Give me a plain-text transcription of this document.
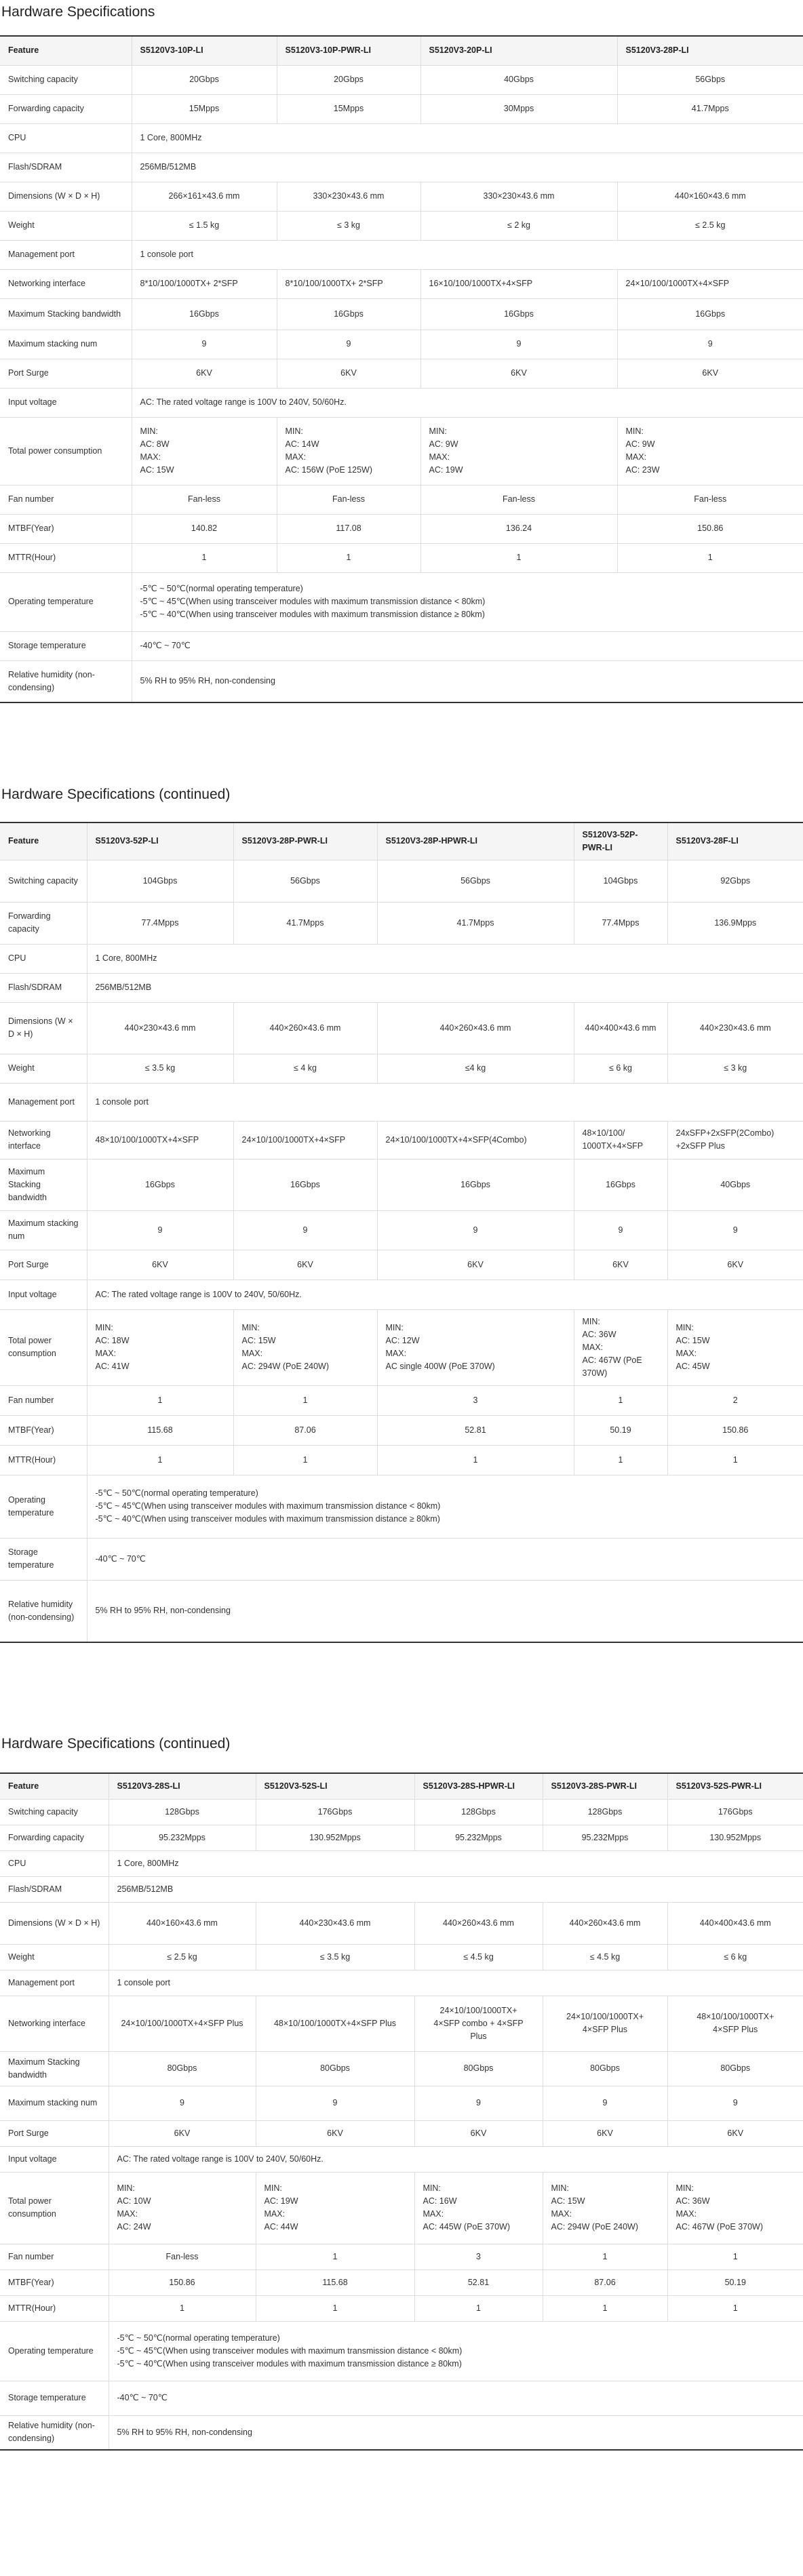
Hardware Specifications
Feature	S5120V3-10P-LI	S5120V3-10P-PWR-LI	S5120V3-20P-LI	S5120V3-28P-LI
Switching capacity	20Gbps	20Gbps	40Gbps	56Gbps
Forwarding capacity	15Mpps	15Mpps	30Mpps	41.7Mpps
CPU	1 Core, 800MHz			
Flash/SDRAM	256MB/512MB			
Dimensions (W × D × H)	266×161×43.6 mm	330×230×43.6 mm	330×230×43.6 mm	440×160×43.6 mm
Weight	≤ 1.5 kg	≤ 3 kg	≤ 2 kg	≤ 2.5 kg
Management port	1 console port			
Networking interface	8*10/100/1000TX+ 2*SFP	8*10/100/1000TX+ 2*SFP	16×10/100/1000TX+4×SFP	24×10/100/1000TX+4×SFP
Maximum Stacking bandwidth	16Gbps	16Gbps	16Gbps	16Gbps
Maximum stacking num	9	9	9	9
Port Surge	6KV	6KV	6KV	6KV
Input voltage	AC: The rated voltage range is 100V to 240V, 50/60Hz.			
Total power consumption	MIN:
AC: 8W
MAX:
AC: 15W	MIN:
AC: 14W
MAX:
AC: 156W (PoE 125W)	MIN:
AC: 9W
MAX:
AC: 19W	MIN:
AC: 9W
MAX:
AC: 23W
Fan number	Fan-less	Fan-less	Fan-less	Fan-less
MTBF(Year)	140.82	117.08	136.24	150.86
MTTR(Hour)	1	1	1	1
Operating temperature	-5℃ ~ 50℃(normal operating temperature)
-5℃ ~ 45℃(When using transceiver modules with maximum transmission distance < 80km)
-5℃ ~ 40℃(When using transceiver modules with maximum transmission distance ≥ 80km)			
Storage temperature	-40℃ ~ 70℃			
Relative humidity (non-condensing)	5% RH to 95% RH, non-condensing			
Hardware Specifications (continued)
Feature	S5120V3-52P-LI	S5120V3-28P-PWR-LI	S5120V3-28P-HPWR-LI	S5120V3-52P-PWR-LI	S5120V3-28F-LI
Switching capacity	104Gbps	56Gbps	56Gbps	104Gbps	92Gbps
Forwarding capacity	77.4Mpps	41.7Mpps	41.7Mpps	77.4Mpps	136.9Mpps
CPU	1 Core, 800MHz				
Flash/SDRAM	256MB/512MB				
Dimensions (W × D × H)	440×230×43.6 mm	440×260×43.6 mm	440×260×43.6 mm	440×400×43.6 mm	440×230×43.6 mm
Weight	≤ 3.5 kg	≤ 4 kg	≤4 kg	≤ 6 kg	≤ 3 kg
Management port	1 console port				
Networking interface	48×10/100/1000TX+4×SFP	24×10/100/1000TX+4×SFP	24×10/100/1000TX+4×SFP(4Combo)	48×10/100/
1000TX+4×SFP	24xSFP+2xSFP(2Combo)
+2xSFP Plus
Maximum Stacking bandwidth	16Gbps	16Gbps	16Gbps	16Gbps	40Gbps
Maximum stacking num	9	9	9	9	9
Port Surge	6KV	6KV	6KV	6KV	6KV
Input voltage	AC: The rated voltage range is 100V to 240V, 50/60Hz.				
Total power consumption	MIN:
AC: 18W
MAX:
AC: 41W	MIN:
AC: 15W
MAX:
AC: 294W (PoE 240W)	MIN:
AC: 12W
MAX:
AC single 400W (PoE 370W)	MIN:
AC: 36W
MAX:
AC: 467W (PoE 370W)	MIN:
AC: 15W
MAX:
AC: 45W
Fan number	1	1	3	1	2
MTBF(Year)	115.68	87.06	52.81	50.19	150.86
MTTR(Hour)	1	1	1	1	1
Operating temperature	-5℃ ~ 50℃(normal operating temperature)
-5℃ ~ 45℃(When using transceiver modules with maximum transmission distance < 80km)
-5℃ ~ 40℃(When using transceiver modules with maximum transmission distance ≥ 80km)				
Storage temperature	-40℃ ~ 70℃				
Relative humidity (non-condensing)	5% RH to 95% RH, non-condensing				
Hardware Specifications (continued)
Feature	S5120V3-28S-LI	S5120V3-52S-LI	S5120V3-28S-HPWR-LI	S5120V3-28S-PWR-LI	S5120V3-52S-PWR-LI
Switching capacity	128Gbps	176Gbps	128Gbps	128Gbps	176Gbps
Forwarding capacity	95.232Mpps	130.952Mpps	95.232Mpps	95.232Mpps	130.952Mpps
CPU	1 Core, 800MHz				
Flash/SDRAM	256MB/512MB				
Dimensions (W × D × H)	440×160×43.6 mm	440×230×43.6 mm	440×260×43.6 mm	440×260×43.6 mm	440×400×43.6 mm
Weight	≤ 2.5 kg	≤ 3.5 kg	≤ 4.5 kg	≤ 4.5 kg	≤ 6 kg
Management port	1 console port				
Networking interface	24×10/100/1000TX+4×SFP Plus	48×10/100/1000TX+4×SFP Plus	24×10/100/1000TX+
4×SFP combo + 4×SFP
Plus	24×10/100/1000TX+
4×SFP Plus	48×10/100/1000TX+
4×SFP Plus
Maximum Stacking bandwidth	80Gbps	80Gbps	80Gbps	80Gbps	80Gbps
Maximum stacking num	9	9	9	9	9
Port Surge	6KV	6KV	6KV	6KV	6KV
Input voltage	AC: The rated voltage range is 100V to 240V, 50/60Hz.				
Total power consumption	MIN:
AC: 10W
MAX:
AC: 24W	MIN:
AC: 19W
MAX:
AC: 44W	MIN:
AC: 16W
MAX:
AC: 445W (PoE 370W)	MIN:
AC: 15W
MAX:
AC: 294W (PoE 240W)	MIN:
AC: 36W
MAX:
AC: 467W (PoE 370W)
Fan number	Fan-less	1	3	1	1
MTBF(Year)	150.86	115.68	52.81	87.06	50.19
MTTR(Hour)	1	1	1	1	1
Operating temperature	-5℃ ~ 50℃(normal operating temperature)
-5℃ ~ 45℃(When using transceiver modules with maximum transmission distance < 80km)
-5℃ ~ 40℃(When using transceiver modules with maximum transmission distance ≥ 80km)				
Storage temperature	-40℃ ~ 70℃				
Relative humidity (non-condensing)	5% RH to 95% RH, non-condensing				
